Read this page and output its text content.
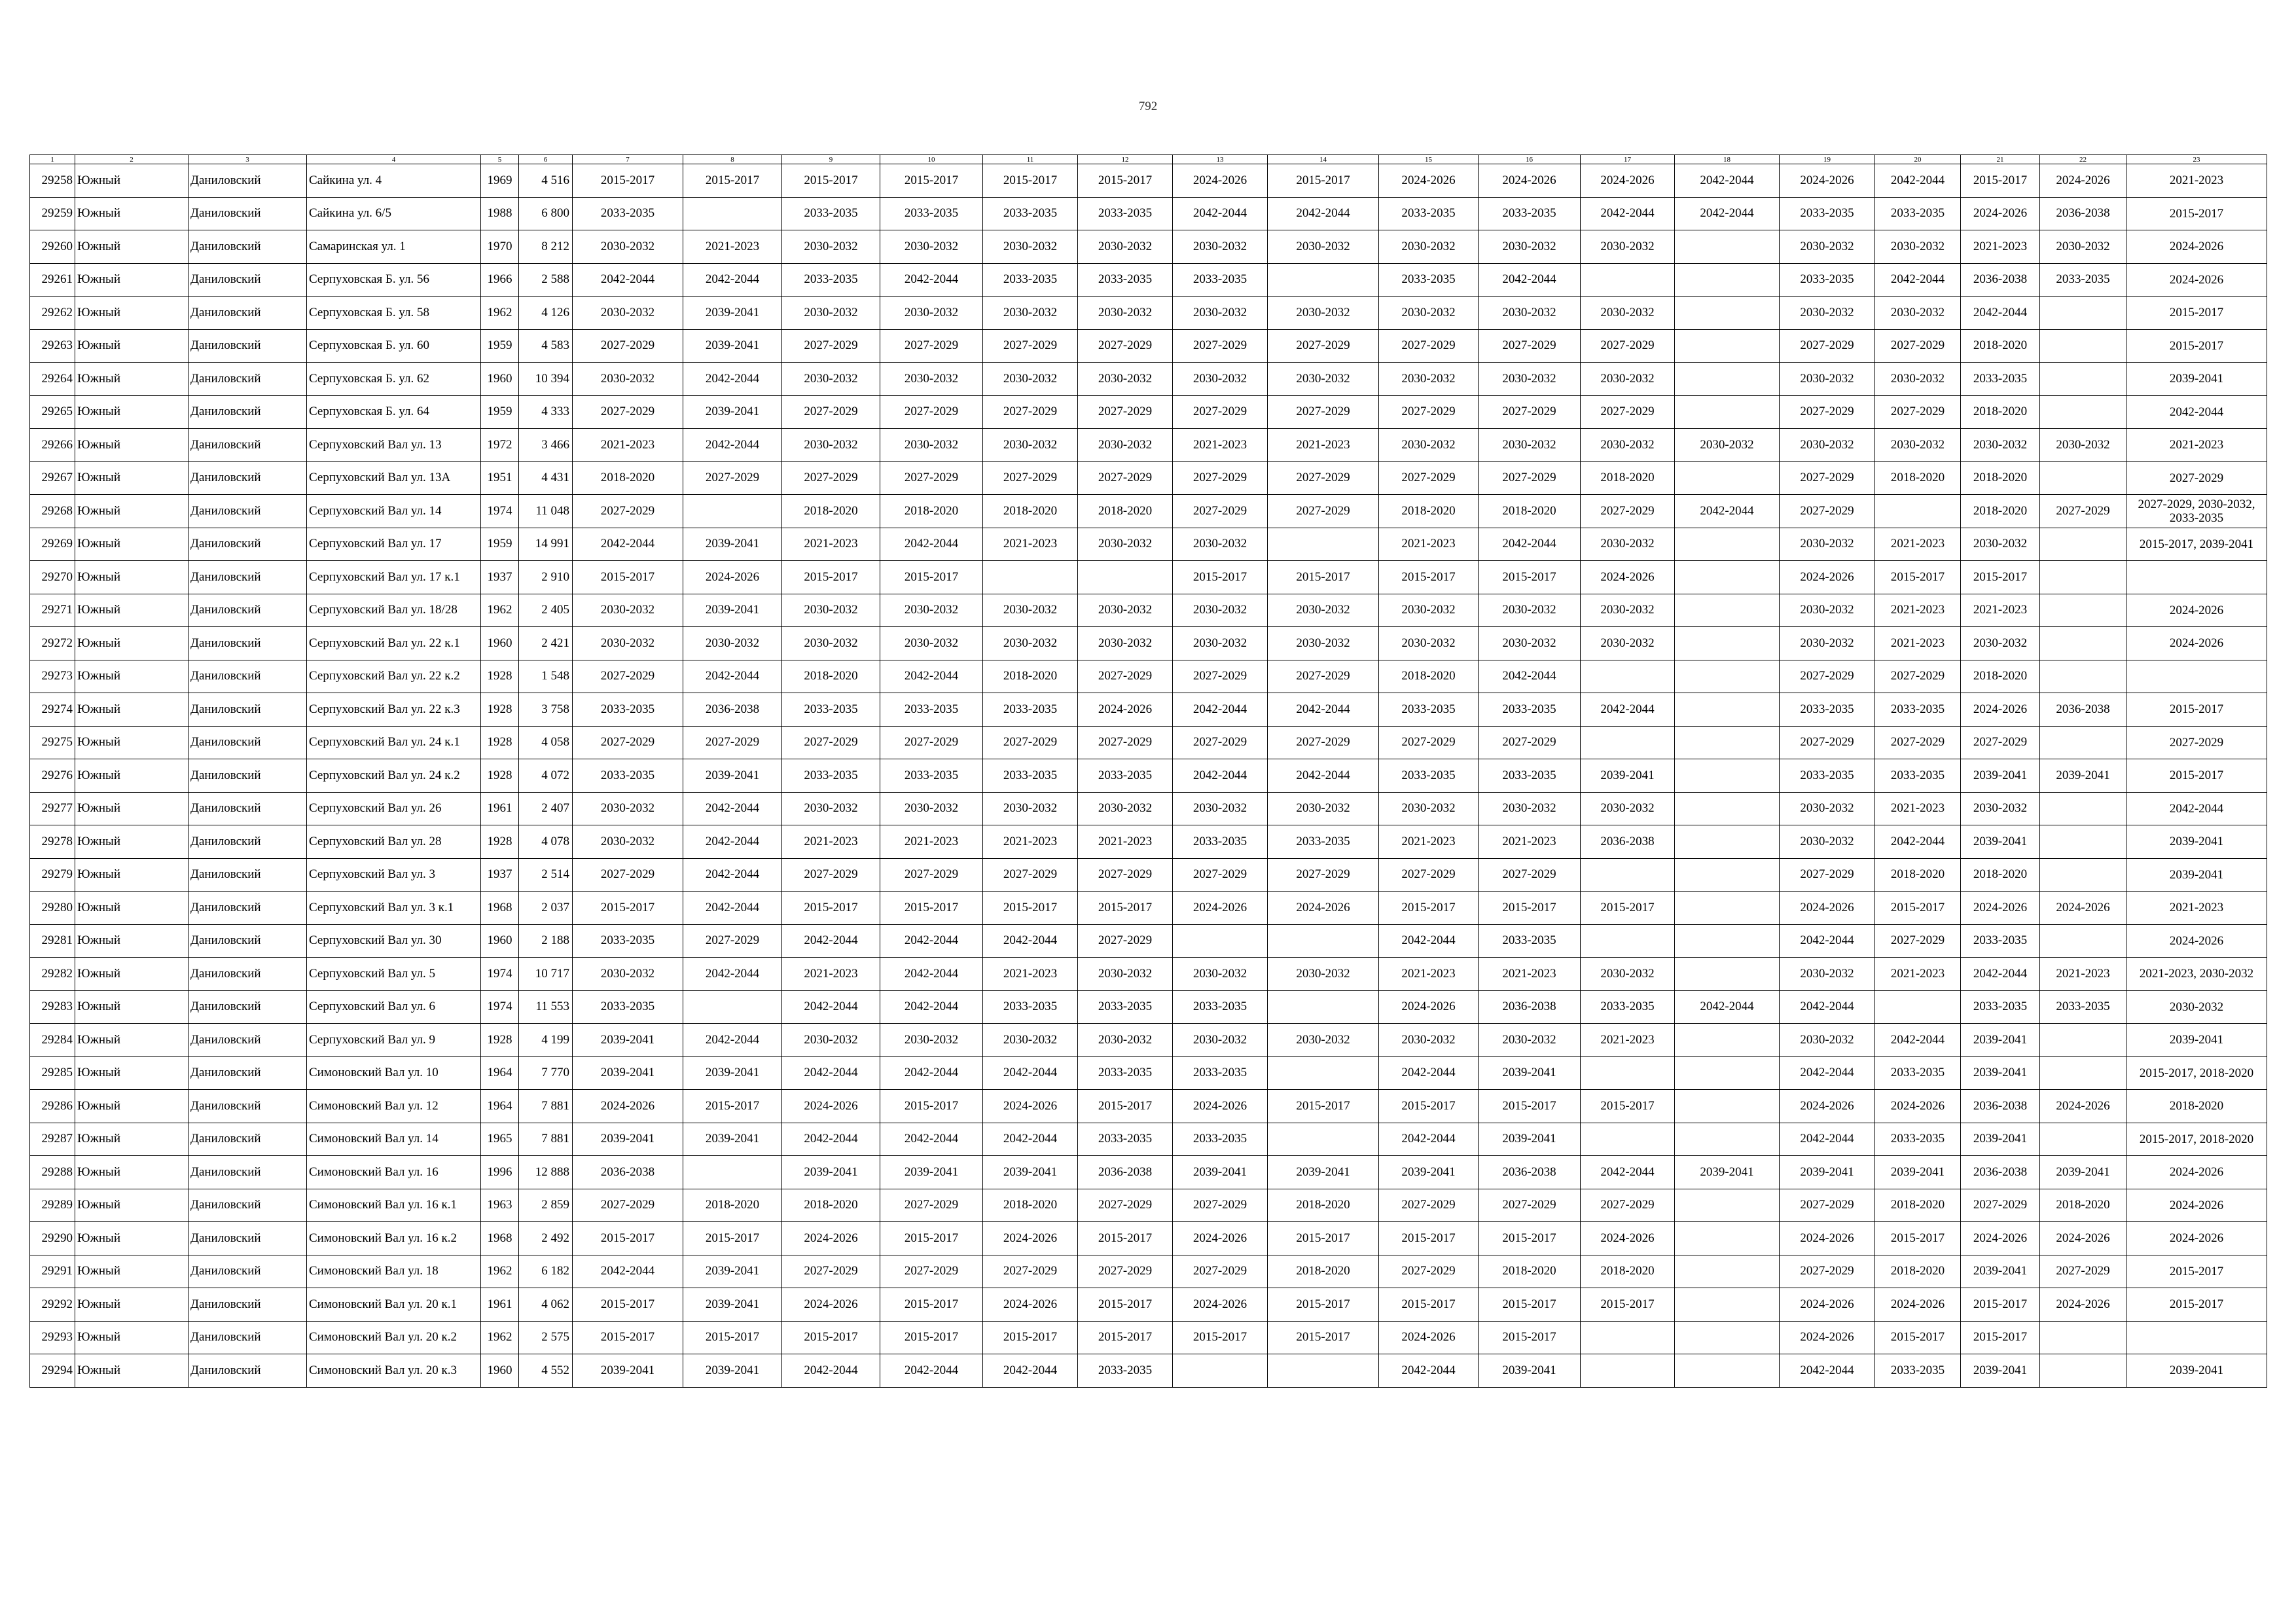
792
1	2	3	4	5	6	7	8	9	10	11	12	13	14	15	16	17	18	19	20	21	22	23
29258	Южный	Даниловский	Сайкина ул. 4	1969	4 516	2015-2017	2015-2017	2015-2017	2015-2017	2015-2017	2015-2017	2024-2026	2015-2017	2024-2026	2024-2026	2024-2026	2042-2044	2024-2026	2042-2044	2015-2017	2024-2026	2021-2023
29259	Южный	Даниловский	Сайкина ул. 6/5	1988	6 800	2033-2035		2033-2035	2033-2035	2033-2035	2033-2035	2042-2044	2042-2044	2033-2035	2033-2035	2042-2044	2042-2044	2033-2035	2033-2035	2024-2026	2036-2038	2015-2017
29260	Южный	Даниловский	Самаринская ул. 1	1970	8 212	2030-2032	2021-2023	2030-2032	2030-2032	2030-2032	2030-2032	2030-2032	2030-2032	2030-2032	2030-2032	2030-2032		2030-2032	2030-2032	2021-2023	2030-2032	2024-2026
29261	Южный	Даниловский	Серпуховская Б. ул. 56	1966	2 588	2042-2044	2042-2044	2033-2035	2042-2044	2033-2035	2033-2035	2033-2035		2033-2035	2042-2044			2033-2035	2042-2044	2036-2038	2033-2035	2024-2026
29262	Южный	Даниловский	Серпуховская Б. ул. 58	1962	4 126	2030-2032	2039-2041	2030-2032	2030-2032	2030-2032	2030-2032	2030-2032	2030-2032	2030-2032	2030-2032	2030-2032		2030-2032	2030-2032	2042-2044		2015-2017
29263	Южный	Даниловский	Серпуховская Б. ул. 60	1959	4 583	2027-2029	2039-2041	2027-2029	2027-2029	2027-2029	2027-2029	2027-2029	2027-2029	2027-2029	2027-2029	2027-2029		2027-2029	2027-2029	2018-2020		2015-2017
29264	Южный	Даниловский	Серпуховская Б. ул. 62	1960	10 394	2030-2032	2042-2044	2030-2032	2030-2032	2030-2032	2030-2032	2030-2032	2030-2032	2030-2032	2030-2032	2030-2032		2030-2032	2030-2032	2033-2035		2039-2041
29265	Южный	Даниловский	Серпуховская Б. ул. 64	1959	4 333	2027-2029	2039-2041	2027-2029	2027-2029	2027-2029	2027-2029	2027-2029	2027-2029	2027-2029	2027-2029	2027-2029		2027-2029	2027-2029	2018-2020		2042-2044
29266	Южный	Даниловский	Серпуховский Вал ул. 13	1972	3 466	2021-2023	2042-2044	2030-2032	2030-2032	2030-2032	2030-2032	2021-2023	2021-2023	2030-2032	2030-2032	2030-2032	2030-2032	2030-2032	2030-2032	2030-2032	2030-2032	2021-2023
29267	Южный	Даниловский	Серпуховский Вал ул. 13А	1951	4 431	2018-2020	2027-2029	2027-2029	2027-2029	2027-2029	2027-2029	2027-2029	2027-2029	2027-2029	2027-2029	2018-2020		2027-2029	2018-2020	2018-2020		2027-2029
29268	Южный	Даниловский	Серпуховский Вал ул. 14	1974	11 048	2027-2029		2018-2020	2018-2020	2018-2020	2018-2020	2027-2029	2027-2029	2018-2020	2018-2020	2027-2029	2042-2044	2027-2029		2018-2020	2027-2029	2027-2029, 2030-2032, 2033-2035
29269	Южный	Даниловский	Серпуховский Вал ул. 17	1959	14 991	2042-2044	2039-2041	2021-2023	2042-2044	2021-2023	2030-2032	2030-2032		2021-2023	2042-2044	2030-2032		2030-2032	2021-2023	2030-2032		2015-2017, 2039-2041
29270	Южный	Даниловский	Серпуховский Вал ул. 17 к.1	1937	2 910	2015-2017	2024-2026	2015-2017	2015-2017			2015-2017	2015-2017	2015-2017	2015-2017	2024-2026		2024-2026	2015-2017	2015-2017		
29271	Южный	Даниловский	Серпуховский Вал ул. 18/28	1962	2 405	2030-2032	2039-2041	2030-2032	2030-2032	2030-2032	2030-2032	2030-2032	2030-2032	2030-2032	2030-2032	2030-2032		2030-2032	2021-2023	2021-2023		2024-2026
29272	Южный	Даниловский	Серпуховский Вал ул. 22 к.1	1960	2 421	2030-2032	2030-2032	2030-2032	2030-2032	2030-2032	2030-2032	2030-2032	2030-2032	2030-2032	2030-2032	2030-2032		2030-2032	2021-2023	2030-2032		2024-2026
29273	Южный	Даниловский	Серпуховский Вал ул. 22 к.2	1928	1 548	2027-2029	2042-2044	2018-2020	2042-2044	2018-2020	2027-2029	2027-2029	2027-2029	2018-2020	2042-2044			2027-2029	2027-2029	2018-2020		
29274	Южный	Даниловский	Серпуховский Вал ул. 22 к.3	1928	3 758	2033-2035	2036-2038	2033-2035	2033-2035	2033-2035	2024-2026	2042-2044	2042-2044	2033-2035	2033-2035	2042-2044		2033-2035	2033-2035	2024-2026	2036-2038	2015-2017
29275	Южный	Даниловский	Серпуховский Вал ул. 24 к.1	1928	4 058	2027-2029	2027-2029	2027-2029	2027-2029	2027-2029	2027-2029	2027-2029	2027-2029	2027-2029	2027-2029			2027-2029	2027-2029	2027-2029		2027-2029
29276	Южный	Даниловский	Серпуховский Вал ул. 24 к.2	1928	4 072	2033-2035	2039-2041	2033-2035	2033-2035	2033-2035	2033-2035	2042-2044	2042-2044	2033-2035	2033-2035	2039-2041		2033-2035	2033-2035	2039-2041	2039-2041	2015-2017
29277	Южный	Даниловский	Серпуховский Вал ул. 26	1961	2 407	2030-2032	2042-2044	2030-2032	2030-2032	2030-2032	2030-2032	2030-2032	2030-2032	2030-2032	2030-2032	2030-2032		2030-2032	2021-2023	2030-2032		2042-2044
29278	Южный	Даниловский	Серпуховский Вал ул. 28	1928	4 078	2030-2032	2042-2044	2021-2023	2021-2023	2021-2023	2021-2023	2033-2035	2033-2035	2021-2023	2021-2023	2036-2038		2030-2032	2042-2044	2039-2041		2039-2041
29279	Южный	Даниловский	Серпуховский Вал ул. 3	1937	2 514	2027-2029	2042-2044	2027-2029	2027-2029	2027-2029	2027-2029	2027-2029	2027-2029	2027-2029	2027-2029			2027-2029	2018-2020	2018-2020		2039-2041
29280	Южный	Даниловский	Серпуховский Вал ул. 3 к.1	1968	2 037	2015-2017	2042-2044	2015-2017	2015-2017	2015-2017	2015-2017	2024-2026	2024-2026	2015-2017	2015-2017	2015-2017		2024-2026	2015-2017	2024-2026	2024-2026	2021-2023
29281	Южный	Даниловский	Серпуховский Вал ул. 30	1960	2 188	2033-2035	2027-2029	2042-2044	2042-2044	2042-2044	2027-2029			2042-2044	2033-2035			2042-2044	2027-2029	2033-2035		2024-2026
29282	Южный	Даниловский	Серпуховский Вал ул. 5	1974	10 717	2030-2032	2042-2044	2021-2023	2042-2044	2021-2023	2030-2032	2030-2032	2030-2032	2021-2023	2021-2023	2030-2032		2030-2032	2021-2023	2042-2044	2021-2023	2021-2023, 2030-2032
29283	Южный	Даниловский	Серпуховский Вал ул. 6	1974	11 553	2033-2035		2042-2044	2042-2044	2033-2035	2033-2035	2033-2035		2024-2026	2036-2038	2033-2035	2042-2044	2042-2044		2033-2035	2033-2035	2030-2032
29284	Южный	Даниловский	Серпуховский Вал ул. 9	1928	4 199	2039-2041	2042-2044	2030-2032	2030-2032	2030-2032	2030-2032	2030-2032	2030-2032	2030-2032	2030-2032	2021-2023		2030-2032	2042-2044	2039-2041		2039-2041
29285	Южный	Даниловский	Симоновский Вал ул. 10	1964	7 770	2039-2041	2039-2041	2042-2044	2042-2044	2042-2044	2033-2035	2033-2035		2042-2044	2039-2041			2042-2044	2033-2035	2039-2041		2015-2017, 2018-2020
29286	Южный	Даниловский	Симоновский Вал ул. 12	1964	7 881	2024-2026	2015-2017	2024-2026	2015-2017	2024-2026	2015-2017	2024-2026	2015-2017	2015-2017	2015-2017	2015-2017		2024-2026	2024-2026	2036-2038	2024-2026	2018-2020
29287	Южный	Даниловский	Симоновский Вал ул. 14	1965	7 881	2039-2041	2039-2041	2042-2044	2042-2044	2042-2044	2033-2035	2033-2035		2042-2044	2039-2041			2042-2044	2033-2035	2039-2041		2015-2017, 2018-2020
29288	Южный	Даниловский	Симоновский Вал ул. 16	1996	12 888	2036-2038		2039-2041	2039-2041	2039-2041	2036-2038	2039-2041	2039-2041	2039-2041	2036-2038	2042-2044	2039-2041	2039-2041	2039-2041	2036-2038	2039-2041	2024-2026
29289	Южный	Даниловский	Симоновский Вал ул. 16 к.1	1963	2 859	2027-2029	2018-2020	2018-2020	2027-2029	2018-2020	2027-2029	2027-2029	2018-2020	2027-2029	2027-2029	2027-2029		2027-2029	2018-2020	2027-2029	2018-2020	2024-2026
29290	Южный	Даниловский	Симоновский Вал ул. 16 к.2	1968	2 492	2015-2017	2015-2017	2024-2026	2015-2017	2024-2026	2015-2017	2024-2026	2015-2017	2015-2017	2015-2017	2024-2026		2024-2026	2015-2017	2024-2026	2024-2026	2024-2026
29291	Южный	Даниловский	Симоновский Вал ул. 18	1962	6 182	2042-2044	2039-2041	2027-2029	2027-2029	2027-2029	2027-2029	2027-2029	2018-2020	2027-2029	2018-2020	2018-2020		2027-2029	2018-2020	2039-2041	2027-2029	2015-2017
29292	Южный	Даниловский	Симоновский Вал ул. 20 к.1	1961	4 062	2015-2017	2039-2041	2024-2026	2015-2017	2024-2026	2015-2017	2024-2026	2015-2017	2015-2017	2015-2017	2015-2017		2024-2026	2024-2026	2015-2017	2024-2026	2015-2017
29293	Южный	Даниловский	Симоновский Вал ул. 20 к.2	1962	2 575	2015-2017	2015-2017	2015-2017	2015-2017	2015-2017	2015-2017	2015-2017	2015-2017	2024-2026	2015-2017			2024-2026	2015-2017	2015-2017		
29294	Южный	Даниловский	Симоновский Вал ул. 20 к.3	1960	4 552	2039-2041	2039-2041	2042-2044	2042-2044	2042-2044	2033-2035			2042-2044	2039-2041			2042-2044	2033-2035	2039-2041		2039-2041
